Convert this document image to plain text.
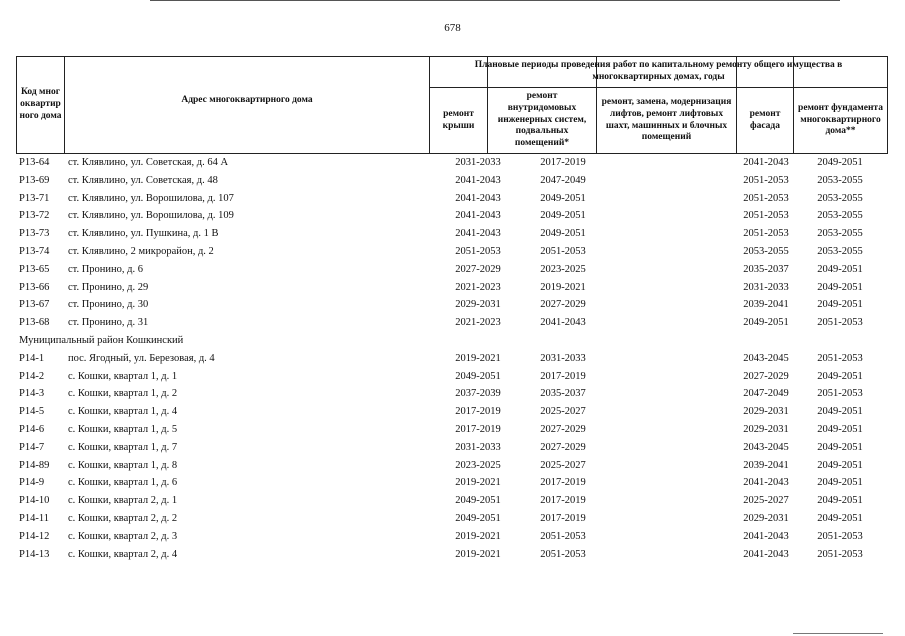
678
Код многоквартирного дома
Адрес многоквартирного дома
Плановые периоды проведения работ по капитальному ремонту общего имущества в многоквартирных домах, годы
ремонт крыши
ремонт внутридомовых инженерных систем, подвальных помещений*
ремонт, замена, модернизация лифтов, ремонт лифтовых шахт, машинных и блочных помещений
ремонт фасада
ремонт фундамента многоквартирного дома**
Р13-64 ст. Клявлино, ул. Советская, д. 64 А	2031-2033	2017-2019	2041-2043	2049-2051
Р13-69 ст. Клявлино, ул. Советская, д. 48	2041-2043	2047-2049	2051-2053	2053-2055
Р13-71 ст. Клявлино, ул. Ворошилова, д. 107	2041-2043	2049-2051	2051-2053	2053-2055
Р13-72 ст. Клявлино, ул. Ворошилова, д. 109	2041-2043	2049-2051	2051-2053	2053-2055
Р13-73 ст. Клявлино, ул. Пушкина, д. 1 В	2041-2043	2049-2051	2051-2053	2053-2055
Р13-74 ст. Клявлино, 2 микрорайон, д. 2	2051-2053	2051-2053	2053-2055	2053-2055
Р13-65 ст. Пронино, д. 6	2027-2029	2023-2025	2035-2037	2049-2051
Р13-66 ст. Пронино, д. 29	2021-2023	2019-2021	2031-2033	2049-2051
Р13-67 ст. Пронино, д. 30	2029-2031	2027-2029	2039-2041	2049-2051
Р13-68 ст. Пронино, д. 31	2021-2023	2041-2043	2049-2051	2051-2053
Муниципальный район Кошкинский
Р14-1 пос. Ягодный, ул. Березовая, д. 4	2019-2021	2031-2033	2043-2045	2051-2053
Р14-2 с. Кошки, квартал 1, д. 1	2049-2051	2017-2019	2027-2029	2049-2051
Р14-3 с. Кошки, квартал 1, д. 2	2037-2039	2035-2037	2047-2049	2051-2053
Р14-5 с. Кошки, квартал 1, д. 4	2017-2019	2025-2027	2029-2031	2049-2051
Р14-6 с. Кошки, квартал 1, д. 5	2017-2019	2027-2029	2029-2031	2049-2051
Р14-7 с. Кошки, квартал 1, д. 7	2031-2033	2027-2029	2043-2045	2049-2051
Р14-89 с. Кошки, квартал 1, д. 8	2023-2025	2025-2027	2039-2041	2049-2051
Р14-9 с. Кошки, квартал 1, д. 6	2019-2021	2017-2019	2041-2043	2049-2051
Р14-10 с. Кошки, квартал 2, д. 1	2049-2051	2017-2019	2025-2027	2049-2051
Р14-11 с. Кошки, квартал 2, д. 2	2049-2051	2017-2019	2029-2031	2049-2051
Р14-12 с. Кошки, квартал 2, д. 3	2019-2021	2051-2053	2041-2043	2051-2053
Р14-13 с. Кошки, квартал 2, д. 4	2019-2021	2051-2053	2041-2043	2051-2053
